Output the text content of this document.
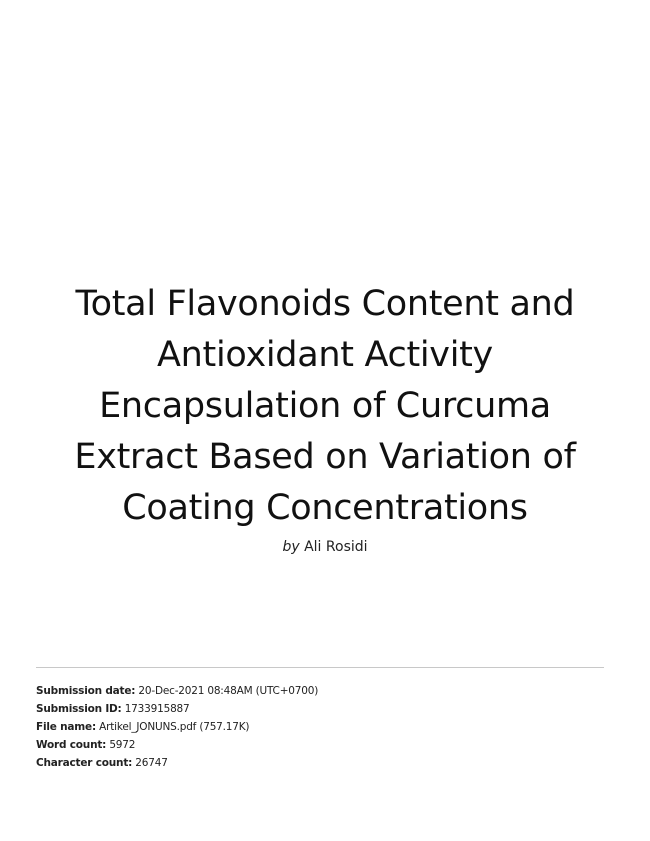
Total Flavonoids Content and
Antioxidant Activity
Encapsulation of Curcuma
Extract Based on Variation of
Coating Concentrations
by Ali Rosidi
Submission date: 20-Dec-2021 08:48AM (UTC+0700)
Submission ID: 1733915887
File name: Artikel_JONUNS.pdf (757.17K)
Word count: 5972
Character count: 26747
